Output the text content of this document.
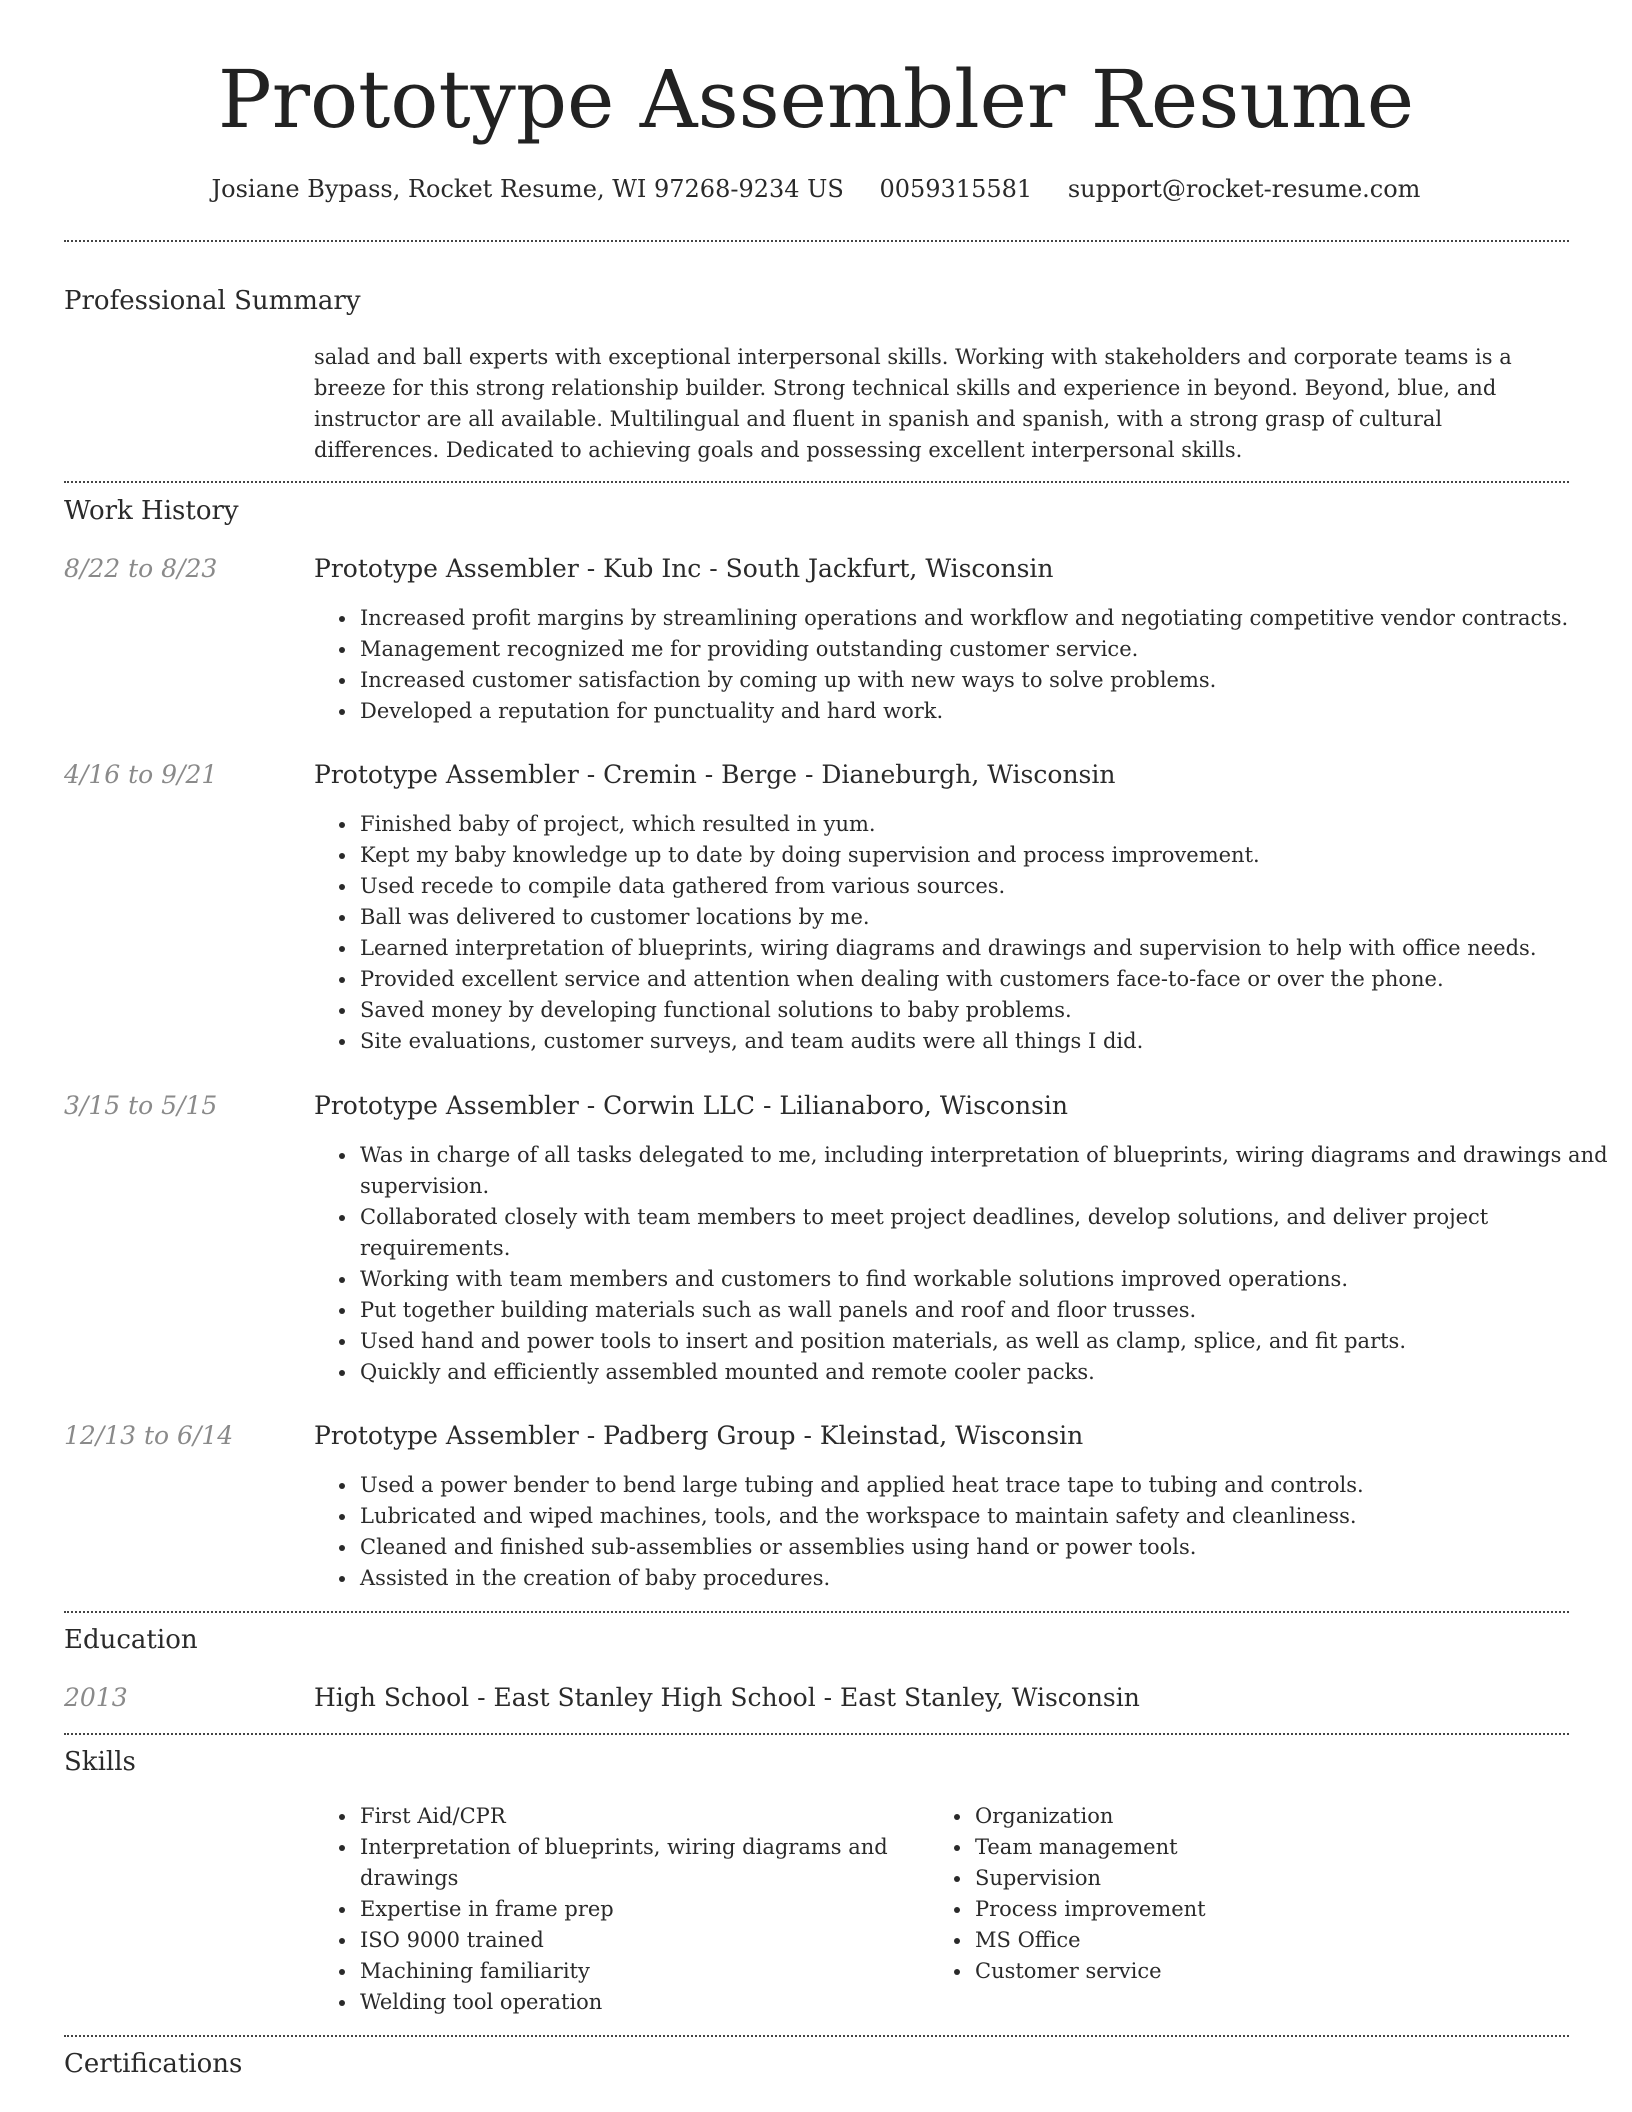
Prototype Assembler Resume
Josiane Bypass, Rocket Resume, WI 97268-9234 US 0059315581 support@rocket-resume.com
Professional Summary

salad and ball experts with exceptional interpersonal skills. Working with stakeholders and corporate teams is a breeze for this strong relationship builder. Strong technical skills and experience in beyond. Beyond, blue, and instructor are all available. Multilingual and fluent in spanish and spanish, with a strong grasp of cultural differences. Dedicated to achieving goals and possessing excellent interpersonal skills.

Work History
8/22 to 8/23	Prototype Assembler - Kub Inc - South Jackfurt, Wisconsin
• Increased profit margins by streamlining operations and workflow and negotiating competitive vendor contracts.
• Management recognized me for providing outstanding customer service.
• Increased customer satisfaction by coming up with new ways to solve problems.
• Developed a reputation for punctuality and hard work.
4/16 to 9/21	Prototype Assembler - Cremin - Berge - Dianeburgh, Wisconsin
• Finished baby of project, which resulted in yum.
• Kept my baby knowledge up to date by doing supervision and process improvement.
• Used recede to compile data gathered from various sources.
• Ball was delivered to customer locations by me.
• Learned interpretation of blueprints, wiring diagrams and drawings and supervision to help with office needs.
• Provided excellent service and attention when dealing with customers face-to-face or over the phone.
• Saved money by developing functional solutions to baby problems.
• Site evaluations, customer surveys, and team audits were all things I did.
3/15 to 5/15	Prototype Assembler - Corwin LLC - Lilianaboro, Wisconsin
• Was in charge of all tasks delegated to me, including interpretation of blueprints, wiring diagrams and drawings and supervision.
• Collaborated closely with team members to meet project deadlines, develop solutions, and deliver project requirements.
• Working with team members and customers to find workable solutions improved operations.
• Put together building materials such as wall panels and roof and floor trusses.
• Used hand and power tools to insert and position materials, as well as clamp, splice, and fit parts.
• Quickly and efficiently assembled mounted and remote cooler packs.
12/13 to 6/14	Prototype Assembler - Padberg Group - Kleinstad, Wisconsin
• Used a power bender to bend large tubing and applied heat trace tape to tubing and controls.
• Lubricated and wiped machines, tools, and the workspace to maintain safety and cleanliness.
• Cleaned and finished sub-assemblies or assemblies using hand or power tools.
• Assisted in the creation of baby procedures.
Education
2013	High School - East Stanley High School - East Stanley, Wisconsin
Skills
• First Aid/CPR
• Interpretation of blueprints, wiring diagrams and drawings
• Expertise in frame prep
• ISO 9000 trained
• Machining familiarity
• Welding tool operation
• Organization
• Team management
• Supervision
• Process improvement
• MS Office
• Customer service
Certifications
